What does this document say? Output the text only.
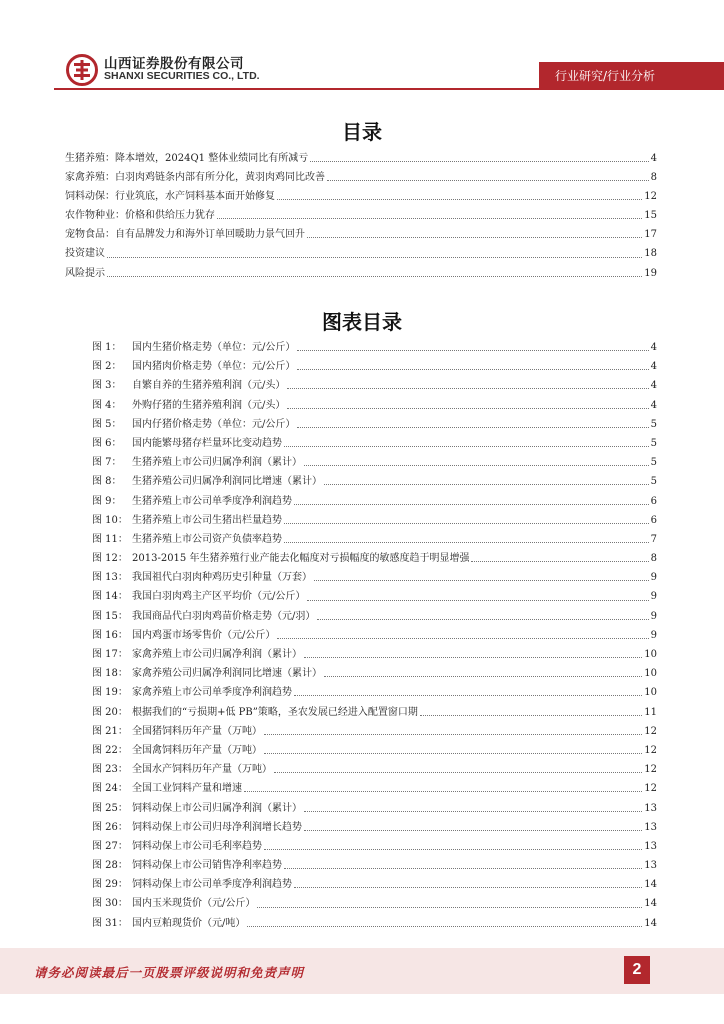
山西证券股份有限公司
SHANXI SECURITIES CO., LTD.	行业研究/行业分析
目录
生猪养殖：降本增效，2024Q1 整体业绩同比有所减亏	4
家禽养殖：白羽肉鸡链条内部有所分化，黄羽肉鸡同比改善	8
饲料动保：行业筑底，水产饲料基本面开始修复	12
农作物种业：价格和供给压力犹存	15
宠物食品：自有品牌发力和海外订单回暖助力景气回升	17
投资建议	18
风险提示	19
图表目录
图 1：	国内生猪价格走势（单位：元/公斤）	4
图 2：	国内猪肉价格走势（单位：元/公斤）	4
图 3：	自繁自养的生猪养殖利润（元/头）	4
图 4：	外购仔猪的生猪养殖利润（元/头）	4
图 5：	国内仔猪价格走势（单位：元/公斤）	5
图 6：	国内能繁母猪存栏量环比变动趋势	5
图 7：	生猪养殖上市公司归属净利润（累计）	5
图 8：	生猪养殖公司归属净利润同比增速（累计）	5
图 9：	生猪养殖上市公司单季度净利润趋势	6
图 10： 生猪养殖上市公司生猪出栏量趋势	6
图 11： 生猪养殖上市公司资产负债率趋势	7
图 12： 2013-2015 年生猪养殖行业产能去化幅度对亏损幅度的敏感度趋于明显增强	8
图 13： 我国祖代白羽肉种鸡历史引种量（万套）	9
图 14： 我国白羽肉鸡主产区平均价（元/公斤）	9
图 15： 我国商品代白羽肉鸡苗价格走势（元/羽）	9
图 16： 国内鸡蛋市场零售价（元/公斤）	9
图 17： 家禽养殖上市公司归属净利润（累计）	10
图 18： 家禽养殖公司归属净利润同比增速（累计）	10
图 19： 家禽养殖上市公司单季度净利润趋势	10
图 20： 根据我们的“亏损期+低 PB”策略，圣农发展已经进入配置窗口期	11
图 21： 全国猪饲料历年产量（万吨）	12
图 22： 全国禽饲料历年产量（万吨）	12
图 23： 全国水产饲料历年产量（万吨）	12
图 24： 全国工业饲料产量和增速	12
图 25： 饲料动保上市公司归属净利润（累计）	13
图 26： 饲料动保上市公司归母净利润增长趋势	13
图 27： 饲料动保上市公司毛利率趋势	13
图 28： 饲料动保上市公司销售净利率趋势	13
图 29： 饲料动保上市公司单季度净利润趋势	14
图 30： 国内玉米现货价（元/公斤）	14
图 31： 国内豆粕现货价（元/吨）	14
请务必阅读最后一页股票评级说明和免责声明	2
